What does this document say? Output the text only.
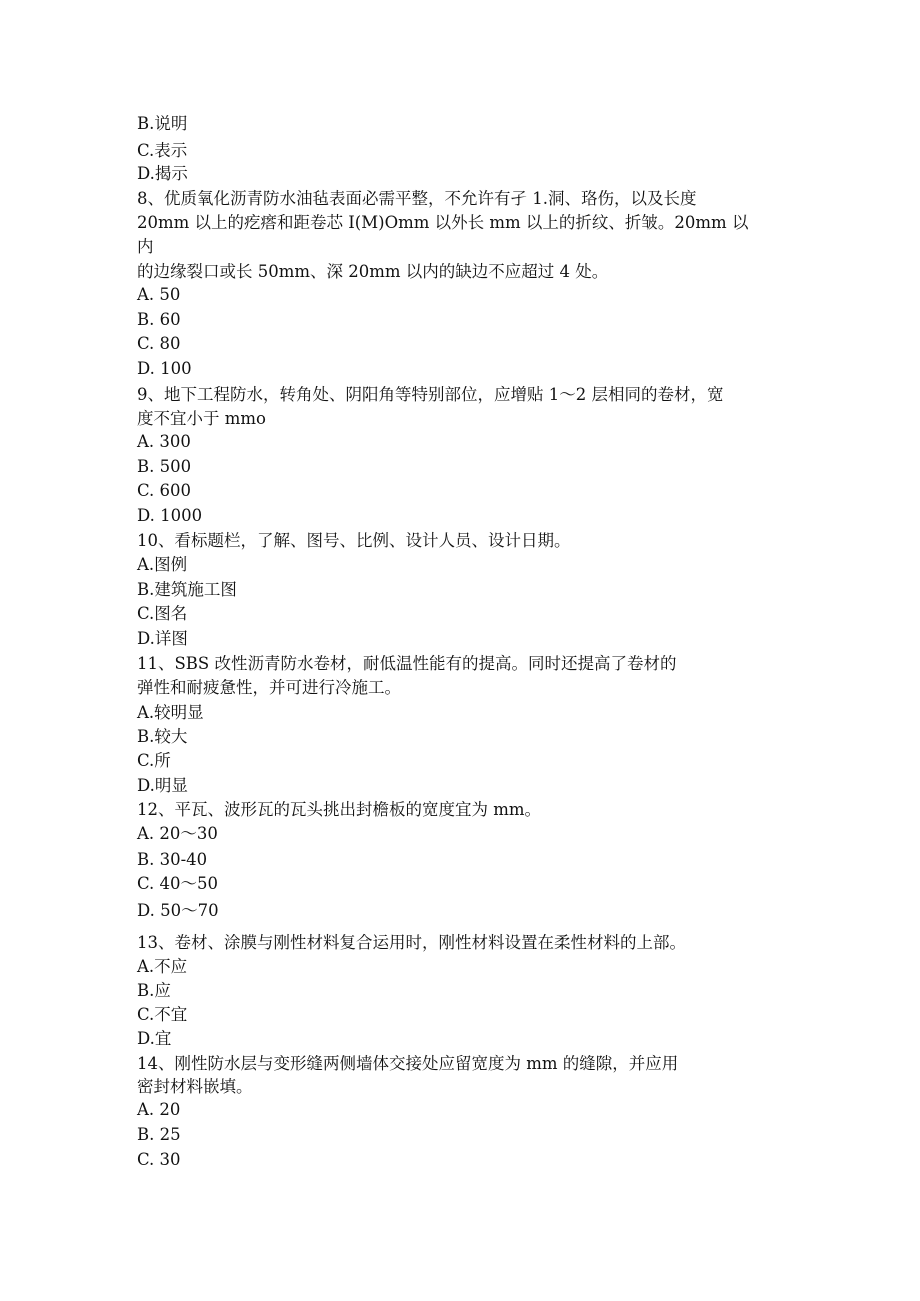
B.说明
C.表示
D.揭示
8、优质氧化沥青防水油毡表面必需平整，不允许有孑 1.洞、珞伤，以及长度
20mm 以上的疙瘩和距卷芯 I(M)Omm 以外长 mm 以上的折纹、折皱。20mm 以
内
的边缘裂口或长 50mm、深 20mm 以内的缺边不应超过 4 处。
A. 50
B. 60
C. 80
D. 100
9、地下工程防水，转角处、阴阳角等特别部位，应增贴 1～2 层相同的卷材，宽
度不宜小于 mmo
A. 300
B. 500
C. 600
D. 1000
10、看标题栏，了解、图号、比例、设计人员、设计日期。
A.图例
B.建筑施工图
C.图名
D.详图
11、SBS 改性沥青防水卷材，耐低温性能有的提高。同时还提高了卷材的
弹性和耐疲惫性，并可进行冷施工。
A.较明显
B.较大
C.所
D.明显
12、平瓦、波形瓦的瓦头挑出封檐板的宽度宜为 mm。
A. 20～30
B. 30-40
C. 40～50
D. 50～70
13、卷材、涂膜与刚性材料复合运用时，刚性材料设置在柔性材料的上部。
A.不应
B.应
C.不宜
D.宜
14、刚性防水层与变形缝两侧墙体交接处应留宽度为 mm 的缝隙，并应用
密封材料嵌填。
A. 20
B. 25
C. 30
